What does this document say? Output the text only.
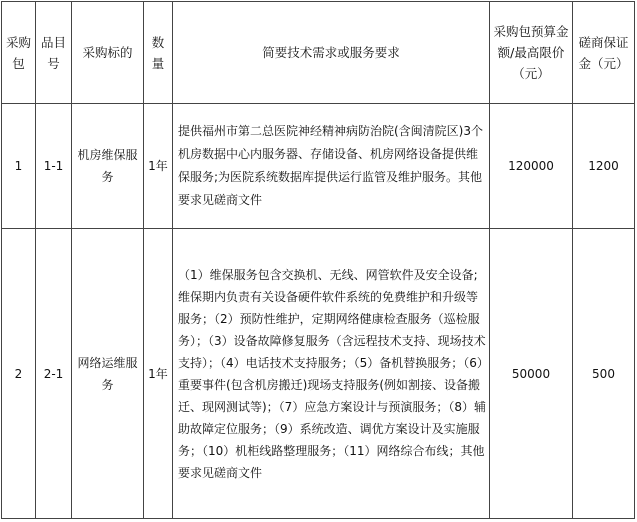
采购包	品目号	采购标的	数量	简要技术需求或服务要求	采购包预算金额/最高限价（元）	磋商保证金（元）
1	1-1	机房维保服务	1年	提供福州市第二总医院神经精神病防治院(含闽清院区)3个机房数据中心内服务器、存储设备、机房网络设备提供维保服务;为医院系统数据库提供运行监管及维护服务。其他要求见磋商文件	120000	1200
2	2-1	网络运维服务	1年	（1）维保服务包含交换机、无线、网管软件及安全设备;维保期内负责有关设备硬件软件系统的免费维护和升级等服务；（2）预防性维护，定期网络健康检查服务（巡检服务）；（3）设备故障修复服务（含远程技术支持、现场技术支持）；（4）电话技术支持服务；（5）备机替换服务；（6）重要事件(包含机房搬迁)现场支持服务(例如割接、设备搬迁、现网测试等)；（7）应急方案设计与预演服务；（8）辅助故障定位服务；（9）系统改造、调优方案设计及实施服务；（10）机柜线路整理服务；（11）网络综合布线；其他要求见磋商文件	50000	500
